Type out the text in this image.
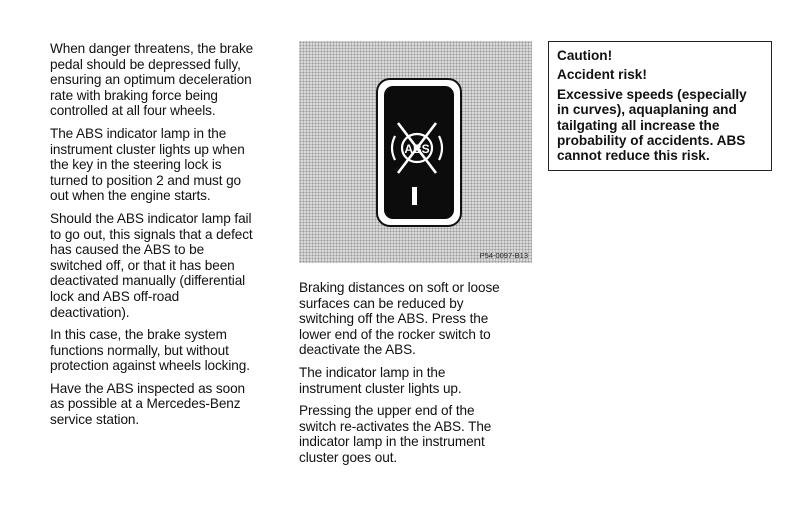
When danger threatens, the brake
pedal should be depressed fully,
ensuring an optimum deceleration
rate with braking force being
controlled at all four wheels.

The ABS indicator lamp in the
instrument cluster lights up when
the key in the steering lock is
turned to position 2 and must go
out when the engine starts.

Should the ABS indicator lamp fail
to go out, this signals that a defect
has caused the ABS to be
switched off, or that it has been
deactivated manually (differential
lock and ABS off-road
deactivation).

In this case, the brake system
functions normally, but without
protection against wheels locking.

Have the ABS inspected as soon
as possible at a Mercedes-Benz
service station.

ABS
P54-0097-B13

Braking distances on soft or loose
surfaces can be reduced by
switching off the ABS. Press the
lower end of the rocker switch to
deactivate the ABS.

The indicator lamp in the
instrument cluster lights up.

Pressing the upper end of the
switch re-activates the ABS. The
indicator lamp in the instrument
cluster goes out.

Caution!

Accident risk!

Excessive speeds (especially
in curves), aquaplaning and
tailgating all increase the
probability of accidents. ABS
cannot reduce this risk.
